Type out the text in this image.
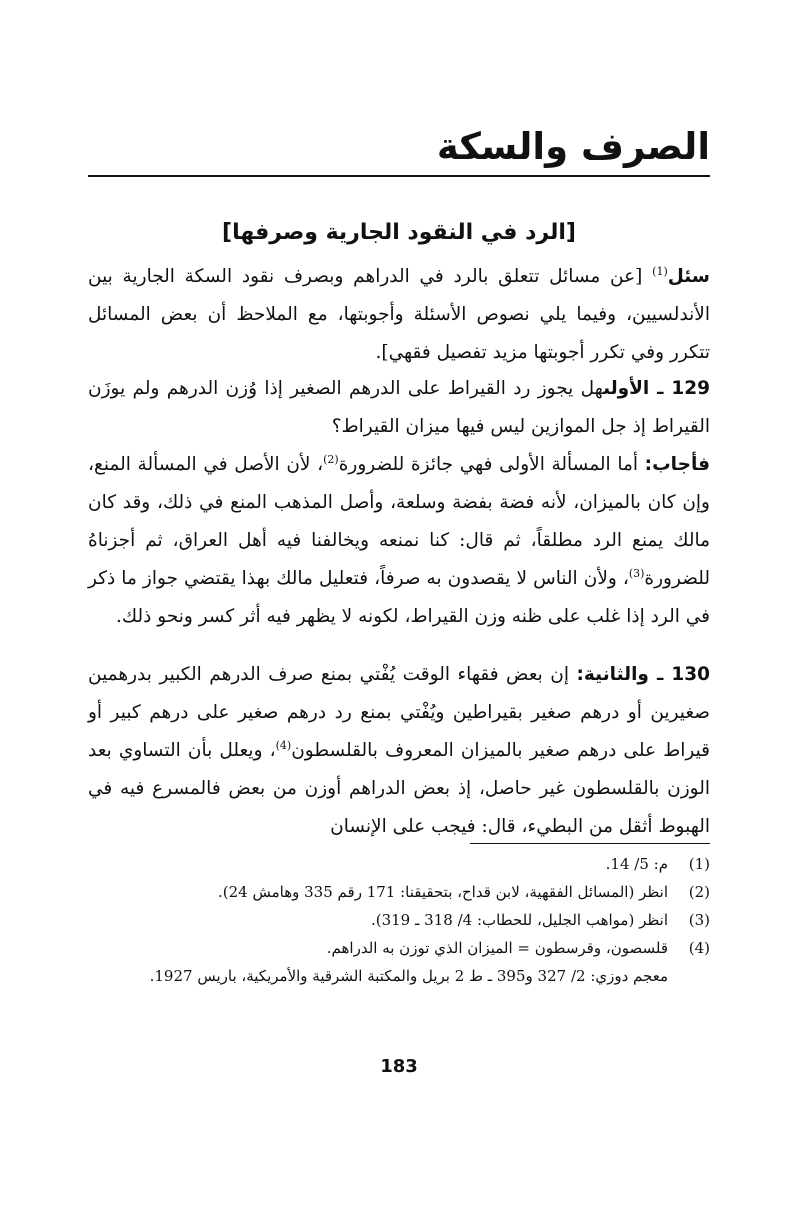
الصرف والسكة
[الرد في النقود الجارية وصرفها]

سئل$^{(1)}$ [عن مسائل تتعلق بالرد في الدراهم وبصرف نقود السكة الجارية بين الأندلسيين، وفيما يلي نصوص الأسئلة وأجوبتها، مع الملاحظ أن بعض المسائل تتكرر وفي تكرر أجوبتها مزيد تفصيل فقهي].

129 ـ الأولىهل يجوز رد القيراط على الدرهم الصغير إذا وُزن الدرهم ولم يوزَن القيراط إذ جل الموازين ليس فيها ميزان القيراط؟

فأجاب: أما المسألة الأولى فهي جائزة للضرورة$^{(2)}$، لأن الأصل في المسألة المنع، وإن كان بالميزان، لأنه فضة بفضة وسلعة، وأصل المذهب المنع في ذلك، وقد كان مالك يمنع الرد مطلقاً، ثم قال: كنا نمنعه ويخالفنا فيه أهل العراق، ثم أجزناهُ للضرورة$^{(3)}$، ولأن الناس لا يقصدون به صرفاً، فتعليل مالك بهذا يقتضي جواز ما ذكر في الرد إذا غلب على ظنه وزن القيراط، لكونه لا يظهر فيه أثر كسر ونحو ذلك.

130 ـ والثانية: إن بعض فقهاء الوقت يُفْتي بمنع صرف الدرهم الكبير بدرهمين صغيرين أو درهم صغير بقيراطين ويُفْتي بمنع رد درهم صغير على درهم كبير أو قيراط على درهم صغير بالميزان المعروف بالقلسطون$^{(4)}$، ويعلل بأن التساوي بعد الوزن بالقلسطون غير حاصل، إذ بعض الدراهم أوزن من بعض فالمسرع فيه في الهبوط أثقل من البطيء، قال: فيجب على الإنسان

(1)
م: 5/ 14.
(2)
انظر (المسائل الفقهية، لابن قداح، بتحقيقنا: 171 رقم 335 وهامش 24).
(3)
انظر (مواهب الجليل، للحطاب: 4/ 318 ـ 319).
(4)
قلسصون، وقرسطون = الميزان الذي توزن به الدراهم.
معجم دوزي: 2/ 327 و395 ـ ط 2 بريل والمكتبة الشرقية والأمريكية، باريس 1927.
183
